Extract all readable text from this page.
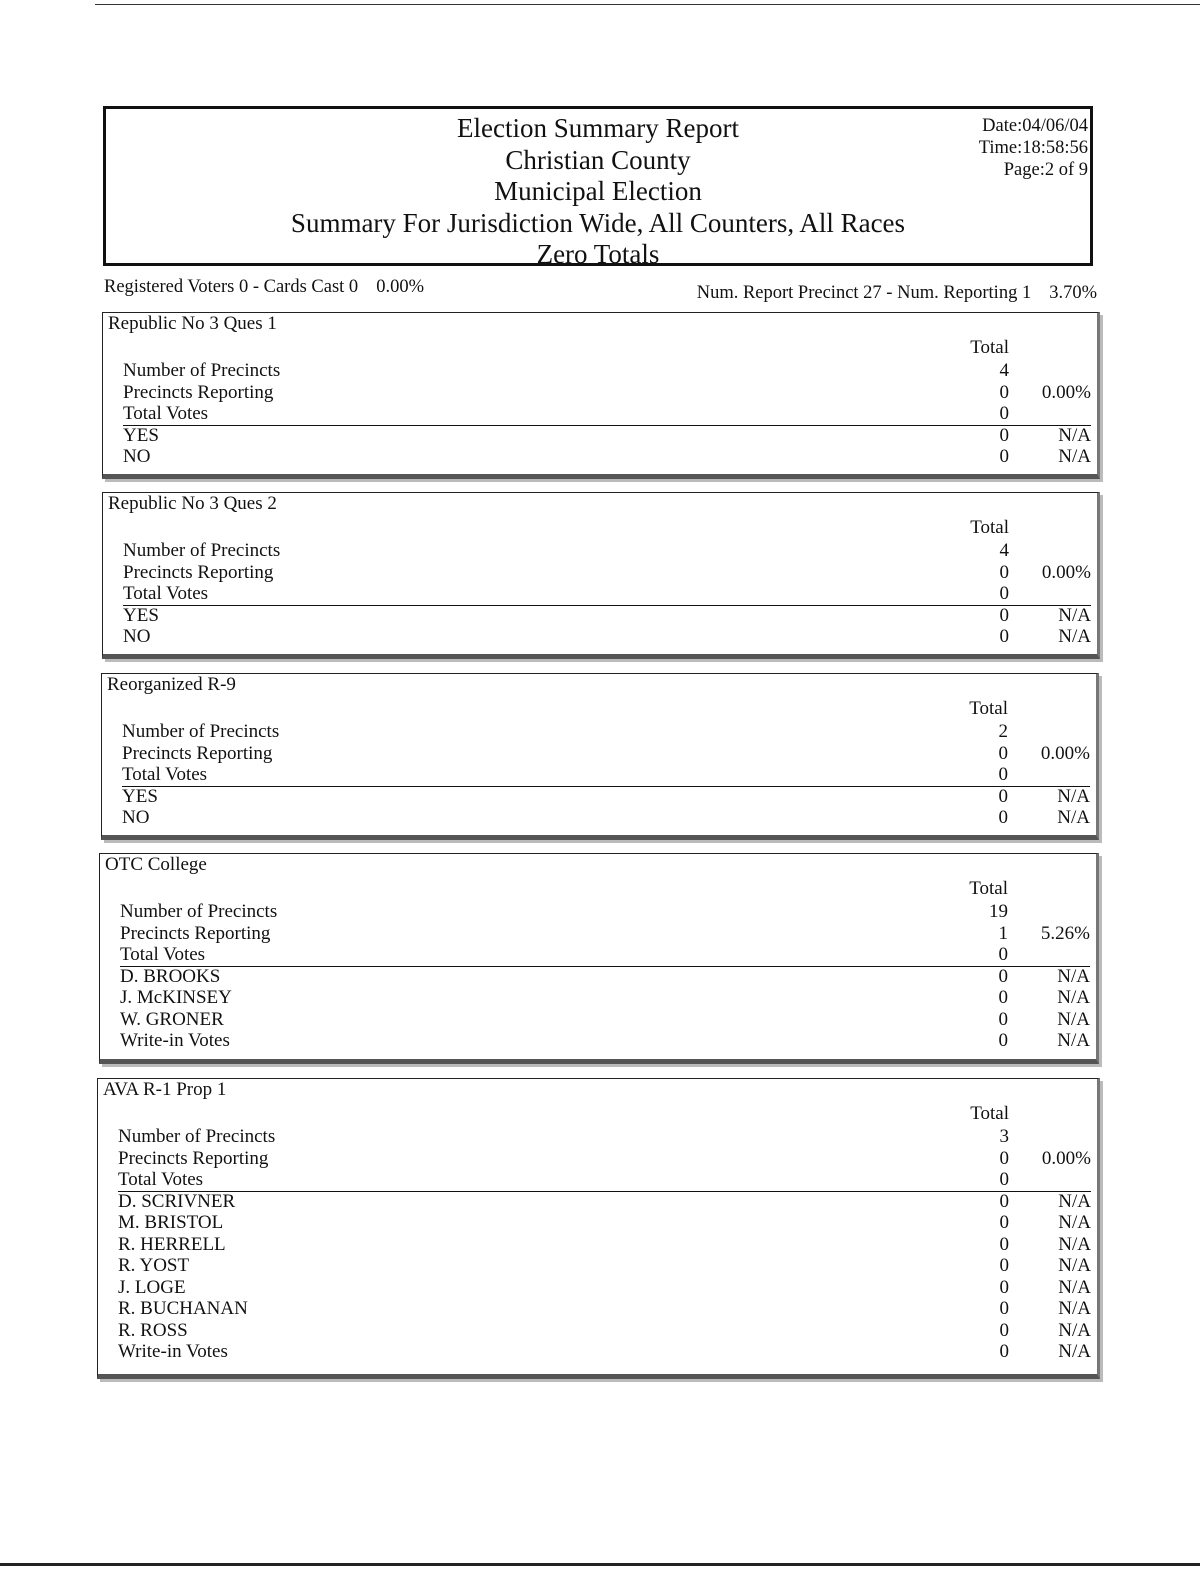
Election Summary Report
Christian County
Municipal Election
Summary For Jurisdiction Wide, All Counters, All Races
Zero Totals
Date:04/06/04
Time:18:58:56
Page:2 of 9
Registered Voters 0 - Cards Cast 0 0.00%	Num. Report Precinct 27 - Num. Reporting 1 3.70%
Republic No 3 Ques 1
Total
Number of Precincts	4
Precincts Reporting	0 0.00%
Total Votes	0
YES	0	N/A
NO	0	N/A
Republic No 3 Ques 2
Total
Number of Precincts	4
Precincts Reporting	0 0.00%
Total Votes	0
YES	0	N/A
NO	0	N/A
Reorganized R-9
Total
Number of Precincts	2
Precincts Reporting	0 0.00%
Total Votes	0
YES	0	N/A
NO	0	N/A
OTC College
Total
Number of Precincts	19
Precincts Reporting	1 5.26%
Total Votes	0
D. BROOKS	0	N/A
J. McKINSEY	0	N/A
W. GRONER	0	N/A
Write-in Votes	0	N/A
AVA R-1 Prop 1
Total
Number of Precincts	3
Precincts Reporting	0 0.00%
Total Votes	0
D. SCRIVNER	0	N/A
M. BRISTOL	0	N/A
R. HERRELL	0	N/A
R. YOST	0	N/A
J. LOGE	0	N/A
R. BUCHANAN	0	N/A
R. ROSS	0	N/A
Write-in Votes	0	N/A
